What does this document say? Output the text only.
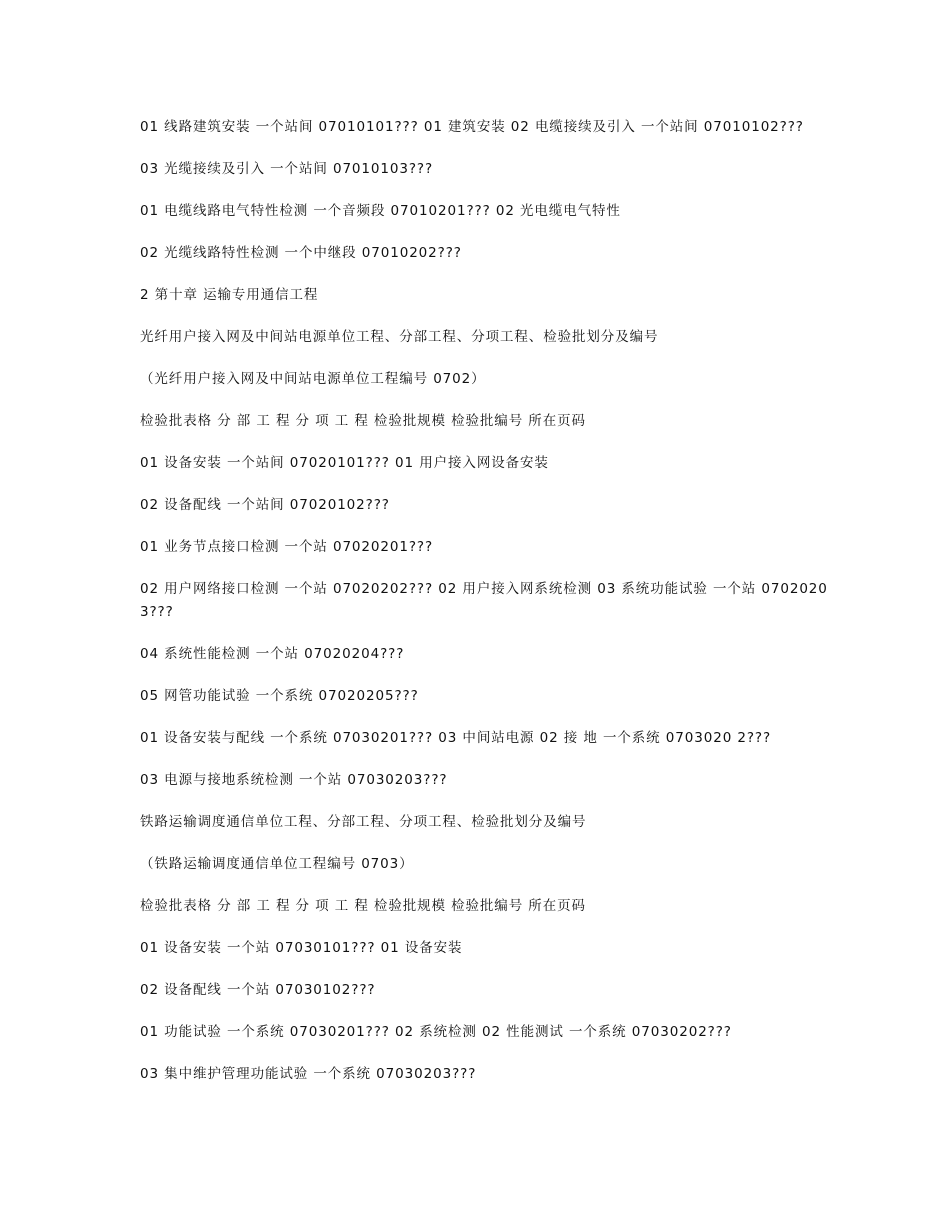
01 线路建筑安装 一个站间 07010101??? 01 建筑安装 02 电缆接续及引入 一个站间 07010102???

03 光缆接续及引入 一个站间 07010103???

01 电缆线路电气特性检测 一个音频段 07010201??? 02 光电缆电气特性

02 光缆线路特性检测 一个中继段 07010202???

2 第十章 运输专用通信工程

光纤用户接入网及中间站电源单位工程、分部工程、分项工程、检验批划分及编号

（光纤用户接入网及中间站电源单位工程编号 0702）

检验批表格 分 部 工 程 分 项 工 程 检验批规模 检验批编号 所在页码

01 设备安装 一个站间 07020101??? 01 用户接入网设备安装

02 设备配线 一个站间 07020102???

01 业务节点接口检测 一个站 07020201???

02 用户网络接口检测 一个站 07020202??? 02 用户接入网系统检测 03 系统功能试验 一个站 07020203???

04 系统性能检测 一个站 07020204???

05 网管功能试验 一个系统 07020205???

01 设备安装与配线 一个系统 07030201??? 03 中间站电源 02 接 地 一个系统 0703020 2???

03 电源与接地系统检测 一个站 07030203???

铁路运输调度通信单位工程、分部工程、分项工程、检验批划分及编号

（铁路运输调度通信单位工程编号 0703）

检验批表格 分 部 工 程 分 项 工 程 检验批规模 检验批编号 所在页码

01 设备安装 一个站 07030101??? 01 设备安装

02 设备配线 一个站 07030102???

01 功能试验 一个系统 07030201??? 02 系统检测 02 性能测试 一个系统 07030202???

03 集中维护管理功能试验 一个系统 07030203???
